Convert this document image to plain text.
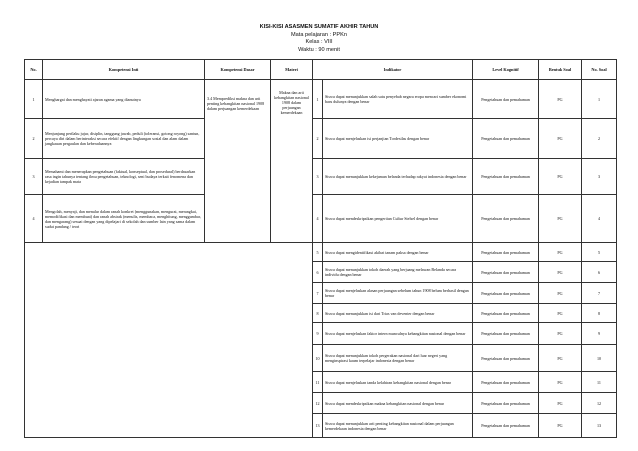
KISI-KISI ASASMEN SUMATIF AKHIR TAHUN
Mata pelajaran : PPKn
Kelas : VIII
Waktu : 90 menit
No.	Kompetensi Inti	Kompetensi Dasar	Materi	Indikator		Level Kognitif	Bentuk Soal	No. Soal
1	Menghargai dan menghayati ajaran agama yang dianutnya	3.4 Memprediksi makna dan arti penting kebangkitan nasional 1908 dalam perjuangan kemerdekaan	Makna dan arti kebangkitan nasional 1908 dalam perjuangan kemerdekaan	1	Siswa dapat menunjukkan salah satu penyebab negara eropa mencari sumber ekonomi baru dulunya dengan benar	Pengetahuan dan pemahaman	PG	1
2	Menjunjung perilaku jujur, disiplin, tanggung jawab, peduli (toleransi, gotong royong) santun, percaya diri dalam berinteraksi secara efektif dengan lingkungan sosial dan alam dalam jangkauan pergaulan dan keberadaannya			2	Siswa dapat menjelaskan isi perjanjian Tordesilas dengan benar	Pengetahuan dan pemahaman	PG	2
3	Memahami dan menerapkan pengetahuan (faktual, konseptual, dan prosedural) berdasarkan rasa ingin tahunya tentang ilmu pengetahuan, teknologi, seni budaya terkait fenomena dan kejadian tampak mata			3	Siswa dapat menunjukkan kekejaman belanda terhadap rakyat indonesia dengan benar	Pengetahuan dan pemahaman	PG	3
4	Mengolah, menyaji, dan menalar dalam ranah konkret (menggunakan, mengurai, merangkai, memodifikasi dan membuat) dan ranah abstrak (menulis, membaca, menghitung, menggambar, dan mengarang) sesuai dengan yang dipelajari di sekolah dan sumber lain yang sama dalam sudut pandang / teori			4	Siswa dapat mendeskripsikan pengertian Cultur Stelsel dengan benar	Pengetahuan dan pemahaman	PG	4
				5	Siswa dapat mengidentifikasi akibat tanam paksa dengan benar	Pengetahuan dan pemahaman	PG	5
				6	Siswa dapat menunjukkan tokoh daerah yang berjuang melawan Belanda secara individu dengan benar	Pengetahuan dan pemahaman	PG	6
				7	Siswa dapat menjelaskan alasan perjuangan sebelum tahun 1908 belum berhasil dengan benar	Pengetahuan dan pemahaman	PG	7
				8	Siswa dapat menunjukkan isi dari Trias van deventer dengan benar	Pengetahuan dan pemahaman	PG	8
				9	Siswa dapat menjelaskan faktor intern munculnya kebangkitan nasional dengan benar	Pengetahuan dan pemahaman	PG	9
				10	Siswa dapat menunjukkan tokoh pergerakan nasional dari luar negeri yang menginspirasi kaum terpelajar indonesia dengan benar	Pengetahuan dan pemahaman	PG	10
				11	Siswa dapat menjelaskan tanda kelahiran kebangkitan nasional dengan benar	Pengetahuan dan pemahaman	PG	11
				12	Siswa dapat mendeskripsikan makna kebangkitan nasional dengan benar	Pengetahuan dan pemahaman	PG	12
				13	Siswa dapat menunjukkan arti penting kebangkitan nasional dalam perjuangan kemerdekaan indonesia dengan benar	Pengetahuan dan pemahaman	PG	13
